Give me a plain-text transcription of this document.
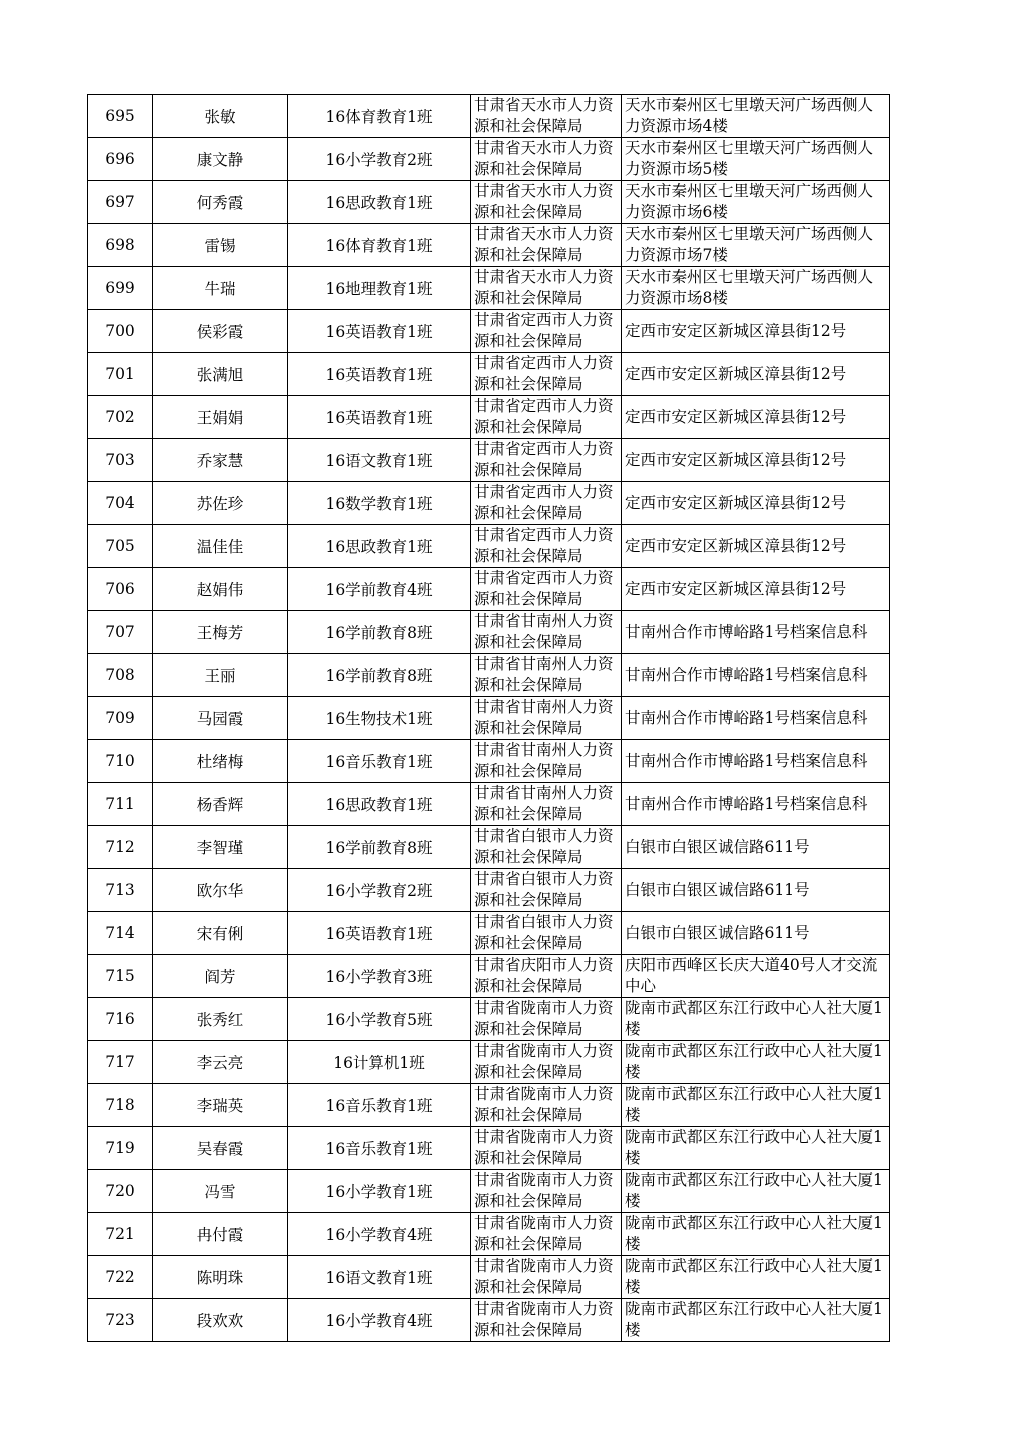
695	张敏	16体育教育1班	甘肃省天水市人力资源和社会保障局	天水市秦州区七里墩天河广场西侧人力资源市场4楼
696	康文静	16小学教育2班	甘肃省天水市人力资源和社会保障局	天水市秦州区七里墩天河广场西侧人力资源市场5楼
697	何秀霞	16思政教育1班	甘肃省天水市人力资源和社会保障局	天水市秦州区七里墩天河广场西侧人力资源市场6楼
698	雷锡	16体育教育1班	甘肃省天水市人力资源和社会保障局	天水市秦州区七里墩天河广场西侧人力资源市场7楼
699	牛瑞	16地理教育1班	甘肃省天水市人力资源和社会保障局	天水市秦州区七里墩天河广场西侧人力资源市场8楼
700	侯彩霞	16英语教育1班	甘肃省定西市人力资源和社会保障局	定西市安定区新城区漳县街12号
701	张满旭	16英语教育1班	甘肃省定西市人力资源和社会保障局	定西市安定区新城区漳县街12号
702	王娟娟	16英语教育1班	甘肃省定西市人力资源和社会保障局	定西市安定区新城区漳县街12号
703	乔家慧	16语文教育1班	甘肃省定西市人力资源和社会保障局	定西市安定区新城区漳县街12号
704	苏佐珍	16数学教育1班	甘肃省定西市人力资源和社会保障局	定西市安定区新城区漳县街12号
705	温佳佳	16思政教育1班	甘肃省定西市人力资源和社会保障局	定西市安定区新城区漳县街12号
706	赵娟伟	16学前教育4班	甘肃省定西市人力资源和社会保障局	定西市安定区新城区漳县街12号
707	王梅芳	16学前教育8班	甘肃省甘南州人力资源和社会保障局	甘南州合作市博峪路1号档案信息科
708	王丽	16学前教育8班	甘肃省甘南州人力资源和社会保障局	甘南州合作市博峪路1号档案信息科
709	马园霞	16生物技术1班	甘肃省甘南州人力资源和社会保障局	甘南州合作市博峪路1号档案信息科
710	杜绪梅	16音乐教育1班	甘肃省甘南州人力资源和社会保障局	甘南州合作市博峪路1号档案信息科
711	杨香辉	16思政教育1班	甘肃省甘南州人力资源和社会保障局	甘南州合作市博峪路1号档案信息科
712	李智瑾	16学前教育8班	甘肃省白银市人力资源和社会保障局	白银市白银区诚信路611号
713	欧尔华	16小学教育2班	甘肃省白银市人力资源和社会保障局	白银市白银区诚信路611号
714	宋有俐	16英语教育1班	甘肃省白银市人力资源和社会保障局	白银市白银区诚信路611号
715	阎芳	16小学教育3班	甘肃省庆阳市人力资源和社会保障局	庆阳市西峰区长庆大道40号人才交流中心
716	张秀红	16小学教育5班	甘肃省陇南市人力资源和社会保障局	陇南市武都区东江行政中心人社大厦1楼
717	李云亮	16计算机1班	甘肃省陇南市人力资源和社会保障局	陇南市武都区东江行政中心人社大厦1楼
718	李瑞英	16音乐教育1班	甘肃省陇南市人力资源和社会保障局	陇南市武都区东江行政中心人社大厦1楼
719	吴春霞	16音乐教育1班	甘肃省陇南市人力资源和社会保障局	陇南市武都区东江行政中心人社大厦1楼
720	冯雪	16小学教育1班	甘肃省陇南市人力资源和社会保障局	陇南市武都区东江行政中心人社大厦1楼
721	冉付霞	16小学教育4班	甘肃省陇南市人力资源和社会保障局	陇南市武都区东江行政中心人社大厦1楼
722	陈明珠	16语文教育1班	甘肃省陇南市人力资源和社会保障局	陇南市武都区东江行政中心人社大厦1楼
723	段欢欢	16小学教育4班	甘肃省陇南市人力资源和社会保障局	陇南市武都区东江行政中心人社大厦1楼
